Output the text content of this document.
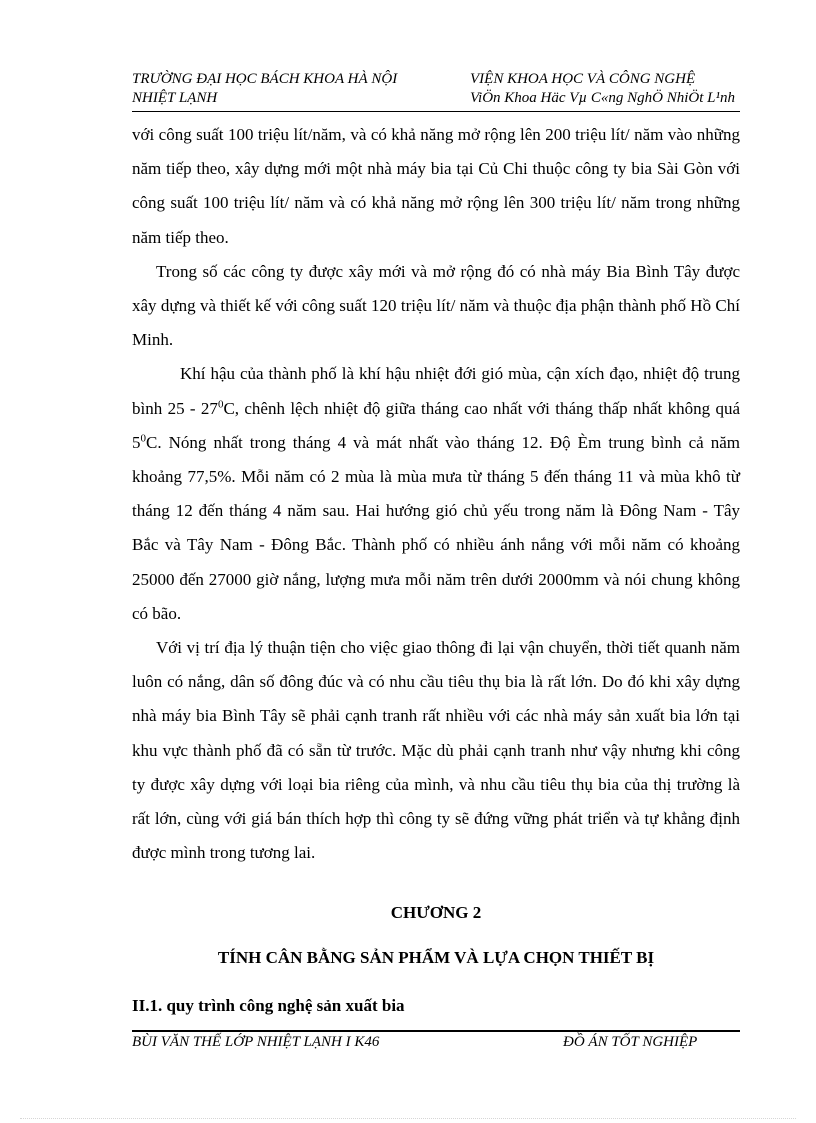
TRƯỜNG ĐẠI HỌC BÁCH KHOA HÀ NỘI	VIỆN KHOA HỌC VÀ CÔNG NGHỆ
NHIỆT LẠNH	ViÖn Khoa Häc Vµ C«ng NghÖ NhiÖt L¹nh

với công suất 100 triệu lít/năm, và có khả năng mở rộng lên 200 triệu lít/ năm vào những năm tiếp theo, xây dựng mới một nhà máy bia tại Củ Chi thuộc công ty bia Sài Gòn với công suất 100 triệu lít/ năm và có khả năng mở rộng lên 300 triệu lít/ năm trong những năm tiếp theo.

Trong số các công ty được xây mới và mở rộng đó có nhà máy Bia Bình Tây được xây dựng và thiết kế với công suất 120 triệu lít/ năm và thuộc địa phận thành phố Hồ Chí Minh.

Khí hậu của thành phố là khí hậu nhiệt đới gió mùa, cận xích đạo, nhiệt độ trung bình $25 - 27^0C$, chênh lệch nhiệt độ giữa tháng cao nhất với tháng thấp nhất không quá $5^0C$. Nóng nhất trong tháng 4 và mát nhất vào tháng 12. Độ Èm trung bình cả năm khoảng 77,5%. Mỗi năm có 2 mùa là mùa mưa từ tháng 5 đến tháng 11 và mùa khô từ tháng 12 đến tháng 4 năm sau. Hai hướng gió chủ yếu trong năm là Đông Nam - Tây Bắc và Tây Nam - Đông Bắc. Thành phố có nhiều ánh nắng với mỗi năm có khoảng 25000 đến 27000 giờ nắng, lượng mưa mỗi năm trên dưới 2000mm và nói chung không có bão.

Với vị trí địa lý thuận tiện cho việc giao thông đi lại vận chuyển, thời tiết quanh năm luôn có nắng, dân số đông đúc và có nhu cầu tiêu thụ bia là rất lớn. Do đó khi xây dựng nhà máy bia Bình Tây sẽ phải cạnh tranh rất nhiều với các nhà máy sản xuất bia lớn tại khu vực thành phố đã có sẵn từ trước. Mặc dù phải cạnh tranh như vậy nhưng khi công ty được xây dựng với loại bia riêng của mình, và nhu cầu tiêu thụ bia của thị trường là rất lớn, cùng với giá bán thích hợp thì công ty sẽ đứng vững phát triển và tự khẳng định được mình trong tương lai.

CHƯƠNG 2
TÍNH CÂN BẰNG SẢN PHẨM VÀ LỰA CHỌN THIẾT BỊ
II.1. quy trình công nghệ sản xuất bia
BÙI VĂN THẾ LỚP NHIỆT LẠNH I K46	ĐỒ ÁN TỐT NGHIỆP
